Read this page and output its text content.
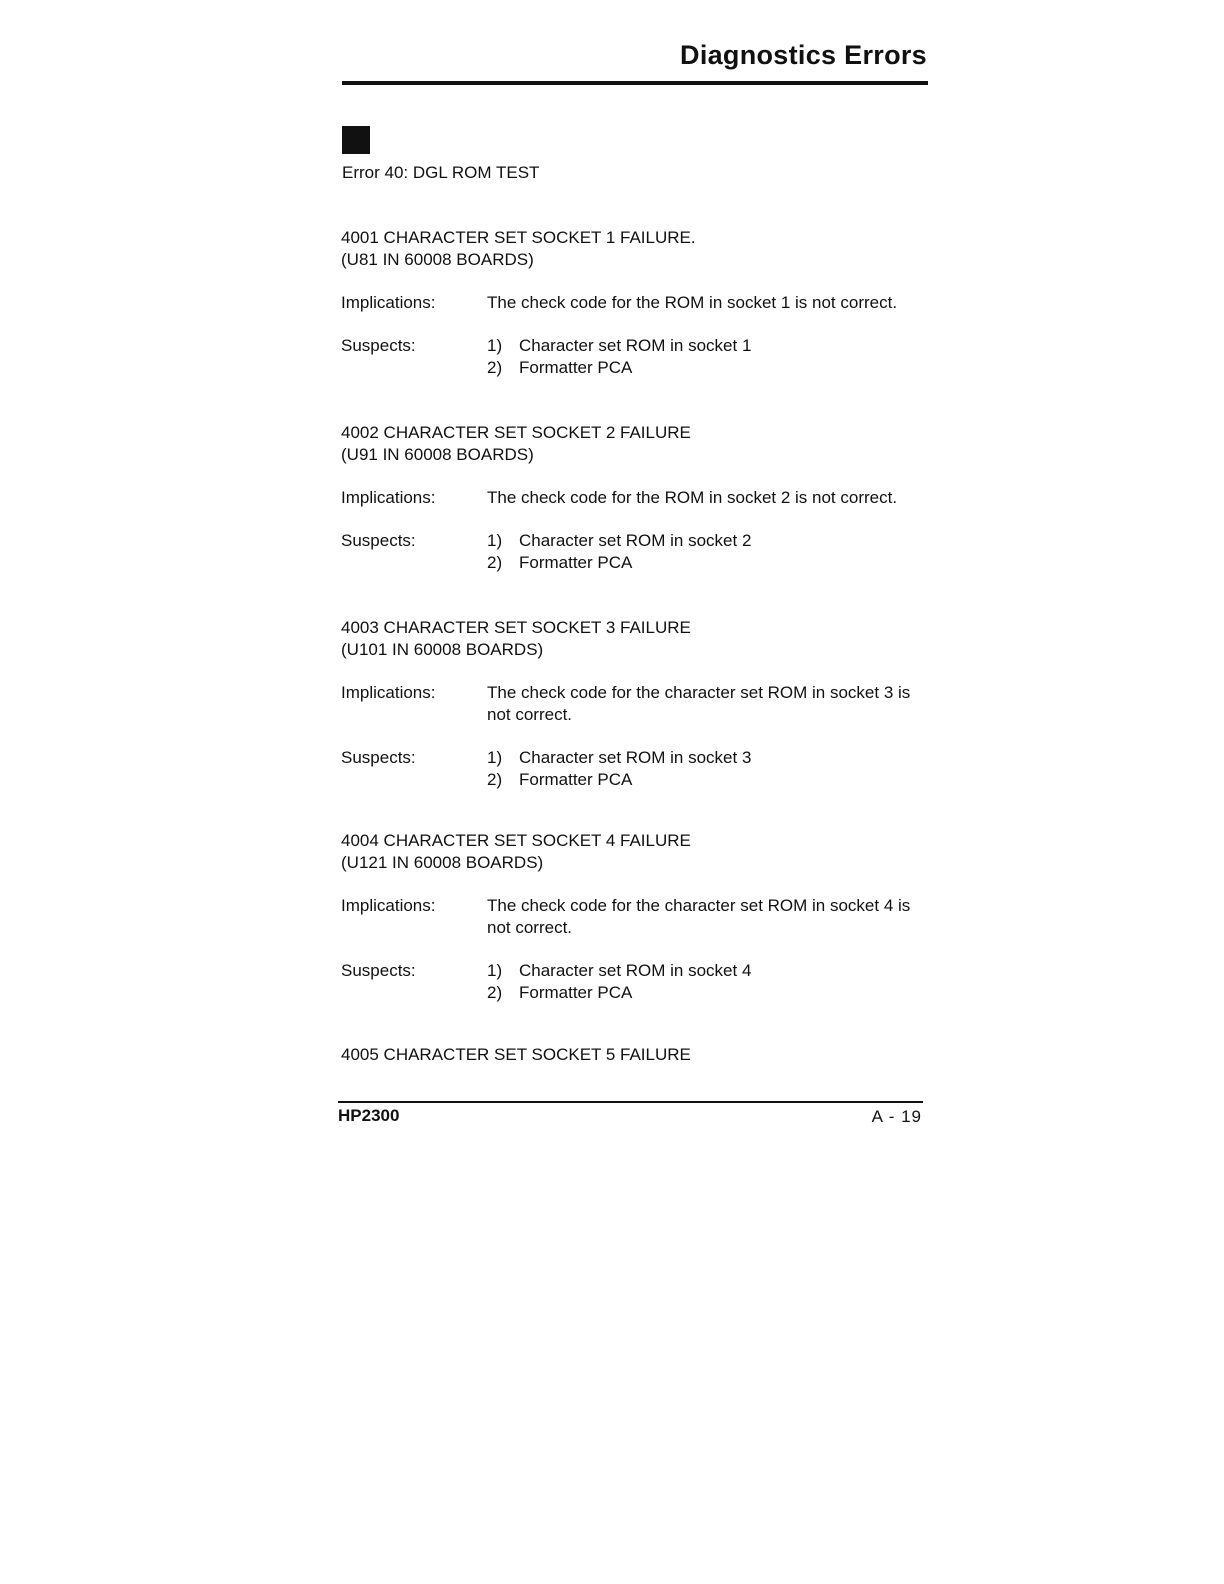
Diagnostics Errors
Error 40: DGL ROM TEST
4001 CHARACTER SET SOCKET 1 FAILURE.
(U81 IN 60008 BOARDS)
Implications:	The check code for the ROM in socket 1 is not correct.
Suspects:	1) Character set ROM in socket 1
2) Formatter PCA
4002 CHARACTER SET SOCKET 2 FAILURE
(U91 IN 60008 BOARDS)
Implications:	The check code for the ROM in socket 2 is not correct.
Suspects:	1) Character set ROM in socket 2
2) Formatter PCA
4003 CHARACTER SET SOCKET 3 FAILURE
(U101 IN 60008 BOARDS)
Implications:	The check code for the character set ROM in socket 3 is not correct.
Suspects:	1) Character set ROM in socket 3
2) Formatter PCA
4004 CHARACTER SET SOCKET 4 FAILURE
(U121 IN 60008 BOARDS)
Implications:	The check code for the character set ROM in socket 4 is not correct.
Suspects:	1) Character set ROM in socket 4
2) Formatter PCA
4005 CHARACTER SET SOCKET 5 FAILURE
HP2300	A - 19
